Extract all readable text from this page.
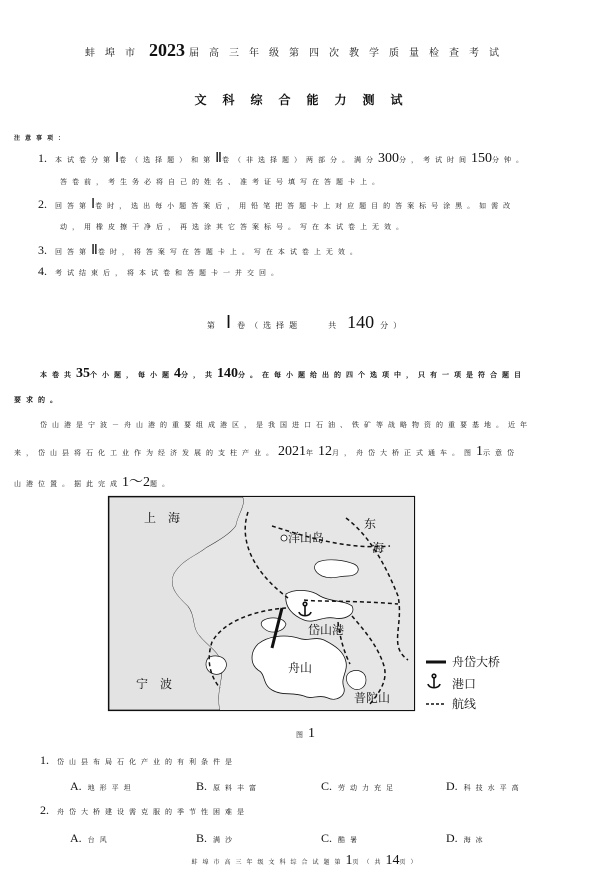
蚌埠市 2023 届高三年级第四次教学质量检查考试
文科综合能力测试
注意事项：
1. 本试卷分第Ⅰ卷（选择题）和第Ⅱ卷（非选择题）两部分。满分300分，考试时间150分钟。
答卷前，考生务必将自己的姓名、准考证号填写在答题卡上。
2. 回答第Ⅰ卷时，选出每小题答案后，用铅笔把答题卡上对应题目的答案标号涂黑。如需改
动，用橡皮擦干净后，再选涂其它答案标号。写在本试卷上无效。
3. 回答第Ⅱ卷时，将答案写在答题卡上。写在本试卷上无效。
4. 考试结束后，将本试卷和答题卡一并交回。
第 Ⅰ 卷（选择题　　共 140 分）
本卷共35个小题，每小题4分，共140分。在每小题给出的四个选项中，只有一项是符合题目
要求的。
岱山港是宁波－舟山港的重要组成港区，是我国进口石油、铁矿等战略物资的重要基地。近年
来，岱山县将石化工业作为经济发展的支柱产业。2021年12月，舟岱大桥正式通车。图1示意岱
山港位置。据此完成1～2题。
上　海
洋山岛
东
海
岱山港
舟山
宁　波
普陀山
舟岱大桥
港口
航线
图1
1. 岱山县布局石化产业的有利条件是
A. 地形平坦	B. 原料丰富	C. 劳动力充足	D. 科技水平高
2. 舟岱大桥建设需克服的季节性困难是
A. 台风	B. 满沙	C. 酷暑	D. 海冰
蚌埠市高三年级文科综合试题第1页（共14页）
